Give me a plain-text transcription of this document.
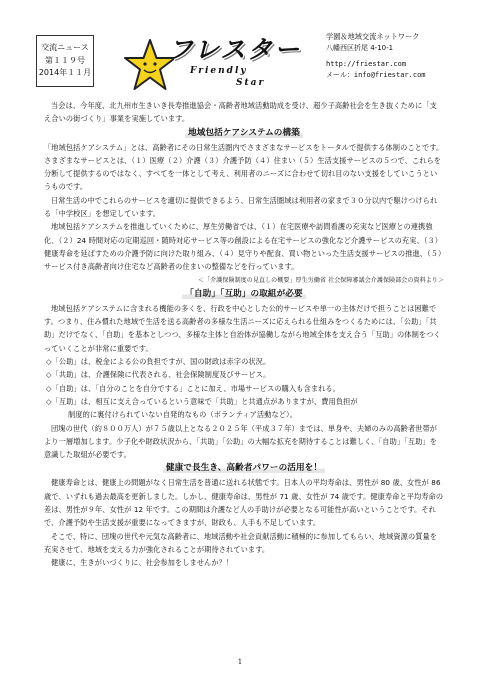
交流ニュース
第１１９号
2014年１１月
フレスター
Friendly
Star
学園＆地域交流ネットワーク
八幡西区折尾 4-10-1
http://friestar.com
メール：info@friestar.com

当会は、今年度、北九州市生きいき長寿推進協会・高齢者地域活動助成を受け、超少子高齢社会を生き抜くために「支え合いの街づくり」事業を実施しています。

地域包括ケアシステムの構築

「地域包括ケアシステム」とは、高齢者にその日常生活圏内でさまざまなサービスをトータルで提供する体制のことです。さまざまなサービスとは、（１）医療（２）介護（３）介護予防（４）住まい（５）生活支援サービスの５つで、これらを分断して提供するのではなく、すべてを一体として考え、利用者のニーズに合わせて切れ目のない支援をしていこうというものです。

日常生活の中でこれらのサービスを適切に提供できるよう、日常生活圏域は利用者の家まで３０分以内で駆けつけられる「中学校区」を想定しています。

地域包括ケアシステムを推進していくために、厚生労働省では、（１）在宅医療や訪問看護の充実など医療との連携強化、（２）24 時間対応の定期巡回・随時対応サービス等の創設による在宅サービスの強化など介護サービスの充実、（３）健康寿命を延ばすための介護予防に向けた取り組み、（４）見守りや配食、買い物といった生活支援サービスの推進、（５）サービス付き高齢者向け住宅など高齢者の住まいの整備などを行っています。

＜「介護保険制度の見直しの概要」厚生労働省 社会保障審議会介護保険部会の資料より＞

「自助」「互助」の取組が必要

地域包括ケアシステムに含まれる機能の多くを、行政を中心とした公的サービスや単一の主体だけで担うことは困難です。つまり、住み慣れた地域で生活を送る高齢者の多様な生活ニーズに応えられる仕組みをつくるためには、「公助」「共助」だけでなく、「自助」を基本としつつ、多様な主体と自治体が協働しながら地域全体を支え合う「互助」の体制をつくっていくことが非常に重要です。

◇「公助」は、税金による公の負担ですが、国の財政は赤字の状況。

◇「共助」は、介護保険に代表される、社会保険制度及びサービス。

◇「自助」は、「自分のことを自分でする」ことに加え、市場サービスの購入も含まれる。

◇「互助」は、相互に支え合っているという意味で「共助」と共通点がありますが、費用負担が

制度的に裏付けられていない自発的なもの（ボランティア活動など）。

団塊の世代（約８００万人）が７５歳以上となる２０２５年（平成３７年）までは、単身や、夫婦のみの高齢者世帯がより一層増加します。少子化や財政状況から、「共助」「公助」の大幅な拡充を期待することは難しく、「自助」「互助」を意識した取組が必要です。

健康で長生き、高齢者パワーの活用を！

健康寿命とは、健康上の問題がなく日常生活を普通に送れる状態です。日本人の平均寿命は、男性が 80 歳、女性が 86 歳で、いずれも過去最高を更新しました。しかし、健康寿命は、男性が 71 歳、女性が 74 歳です。健康寿命と平均寿命の差は、男性が９年、女性が 12 年です。この期間は介護など人の手助けが必要となる可能性が高いということです。それで、介護予防や生活支援が重要になってきますが、財政も、人手も不足しています。

そこで、特に、団塊の世代や元気な高齢者に、地域活動や社会貢献活動に積極的に参加してもらい、地域資源の質量を充実させて、地域を支える力が強化されることが期待されています。

健康に、生きがいづくりに、社会参加をしませんか？！

1
